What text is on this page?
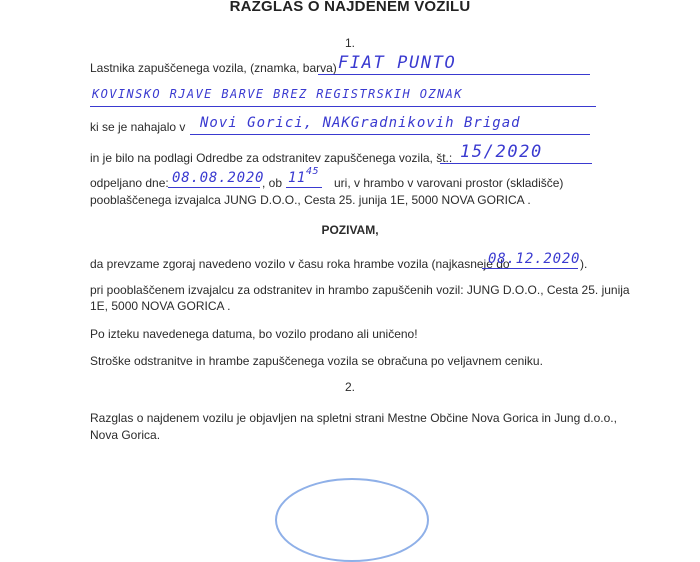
RAZGLAS O NAJDENEM VOZILU
1.
Lastnika zapuščenega vozila, (znamka, barva) FIAT PUNTO
KOVINSKO RJAVE BARVE BREZ REGISTRSKIH OZNAK
ki se je nahajalo v Novi Gorici, NAKGradnikovih Brigad
in je bilo na podlagi Odredbe za odstranitev zapuščenega vozila, št.: 15/2020
odpeljano dne: 08.08.2020
, ob 11 45
uri, v hrambo v varovani prostor (skladišče)
pooblaščenega izvajalca JUNG D.O.O., Cesta 25. junija 1E, 5000 NOVA GORICA .
POZIVAM,
da prevzame zgoraj navedeno vozilo v času roka hrambe vozila (najkasneje do
08.12.2020 ).
pri pooblaščenem izvajalcu za odstranitev in hrambo zapuščenih vozil: JUNG D.O.O., Cesta 25. junija
1E, 5000 NOVA GORICA .
Po izteku navedenega datuma, bo vozilo prodano ali uničeno!
Stroške odstranitve in hrambe zapuščenega vozila se obračuna po veljavnem ceniku.
2.
Razglas o najdenem vozilu je objavljen na spletni strani Mestne Občine Nova Gorica in Jung d.o.o.,
Nova Gorica.
